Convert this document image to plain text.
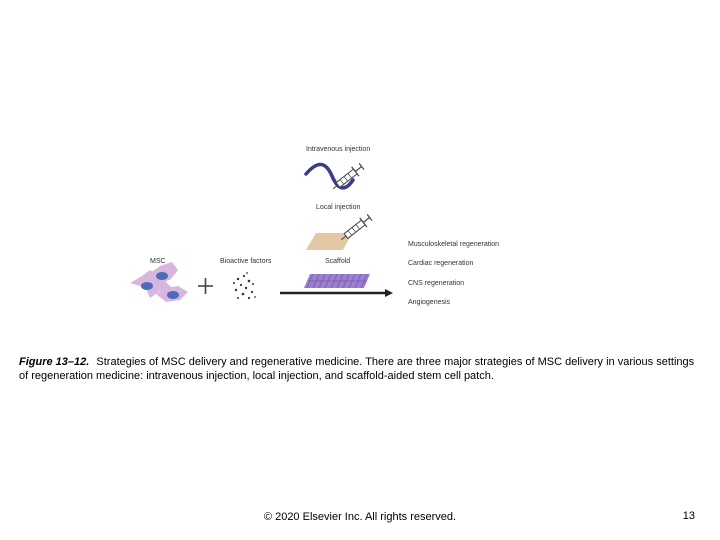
Intravenous injection
Local injection
MSC	Bioactive factors	Scaffold
Musculoskeletal regeneration
Cardiac regeneration
CNS regeneration
Angiogenesis
Figure 13–12. Strategies of MSC delivery and regenerative medicine. There are three major strategies of MSC delivery in various settings of regeneration medicine: intravenous injection, local injection, and scaffold-aided stem cell patch.
© 2020 Elsevier Inc. All rights reserved.	13
